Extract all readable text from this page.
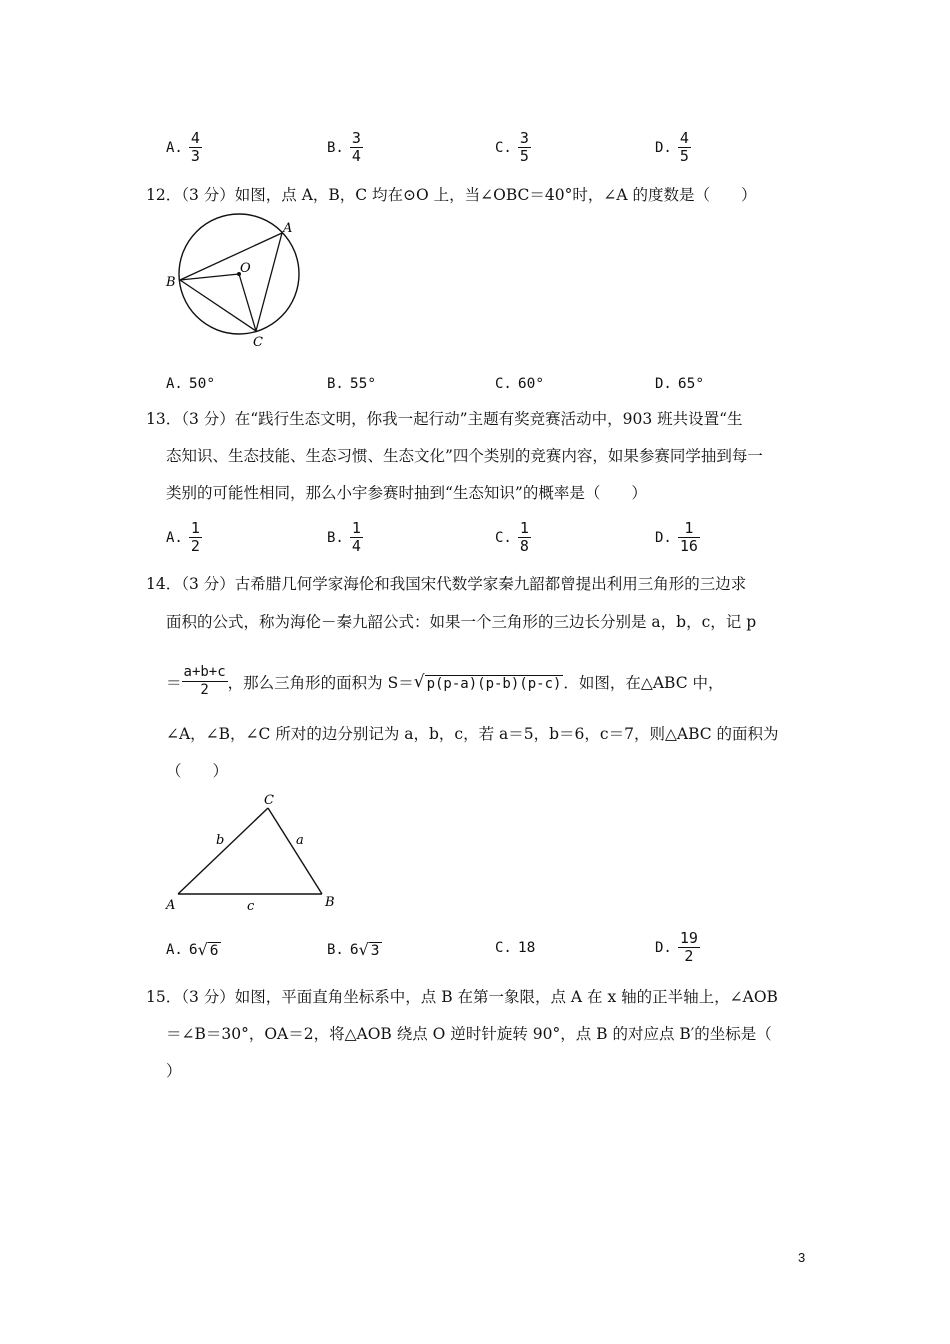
A. $\frac{4}{3}$	B. $\frac{3}{4}$	C. $\frac{3}{5}$	D. $\frac{4}{5}$
12．（3 分）如图，点 A，B，C 均在⊙O 上，当∠OBC＝40°时，∠A 的度数是（　　）
A
B
C
O
A. 50°	B. 55°	C. 60°	D. 65°
13．（3 分）在“践行生态文明，你我一起行动”主题有奖竞赛活动中，903 班共设置“生
态知识、生态技能、生态习惯、生态文化”四个类别的竞赛内容，如果参赛同学抽到每一
类别的可能性相同，那么小宇参赛时抽到“生态知识”的概率是（　　）
A. $\frac{1}{2}$	B. $\frac{1}{4}$	C. $\frac{1}{8}$	D. $\frac{1}{16}$
14．（3 分）古希腊几何学家海伦和我国宋代数学家秦九韶都曾提出利用三角形的三边求
面积的公式，称为海伦－秦九韶公式：如果一个三角形的三边长分别是 a，b，c，记 p
＝ $\frac{a+b+c}{2}$ ，那么三角形的面积为 S＝ √ p(p-a)(p-b)(p-c) ．如图，在△ABC 中，
∠A，∠B，∠C 所对的边分别记为 a，b，c，若 a＝5，b＝6，c＝7，则△ABC 的面积为
（　　）
C
A	B
b	a
c
A. 6 √ 6	B. 6 √ 3	C. 18	D. $\frac{19}{2}$
15．（3 分）如图，平面直角坐标系中，点 B 在第一象限，点 A 在 x 轴的正半轴上，∠AOB
＝∠B＝30°，OA＝2，将△AOB 绕点 O 逆时针旋转 90°，点 B 的对应点 B′的坐标是（
）
3
